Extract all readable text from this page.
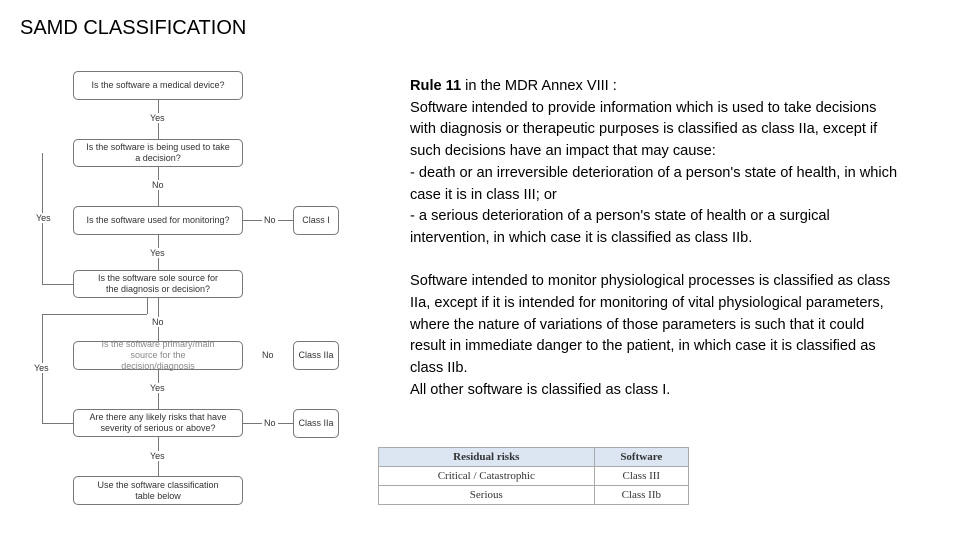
SAMD CLASSIFICATION
Is the software a medical device?
Is the software is being used to take a decision?
Is the software used for monitoring?
Is the software sole source for the diagnosis or decision?
Is the software primary/main source for the decision/diagnosis
Are there any likely risks that have severity of serious or above?
Use the software classification table below
Class I
Class IIa
Class IIa
Yes
No
Yes	No
Yes
No
No
Yes
Yes
No
Yes

Rule 11 in the MDR Annex VIII :
Software intended to provide information which is used to take decisions with diagnosis or therapeutic purposes is classified as class IIa, except if such decisions have an impact that may cause:
- death or an irreversible deterioration of a person's state of health, in which case it is in class III; or
- a serious deterioration of a person's state of health or a surgical intervention, in which case it is classified as class IIb.

Software intended to monitor physiological processes is classified as class IIa, except if it is intended for monitoring of vital physiological parameters, where the nature of variations of those parameters is such that it could result in immediate danger to the patient, in which case it is classified as class IIb.
All other software is classified as class I.

Residual risks	Software
Critical / Catastrophic	Class III
Serious	Class IIb
